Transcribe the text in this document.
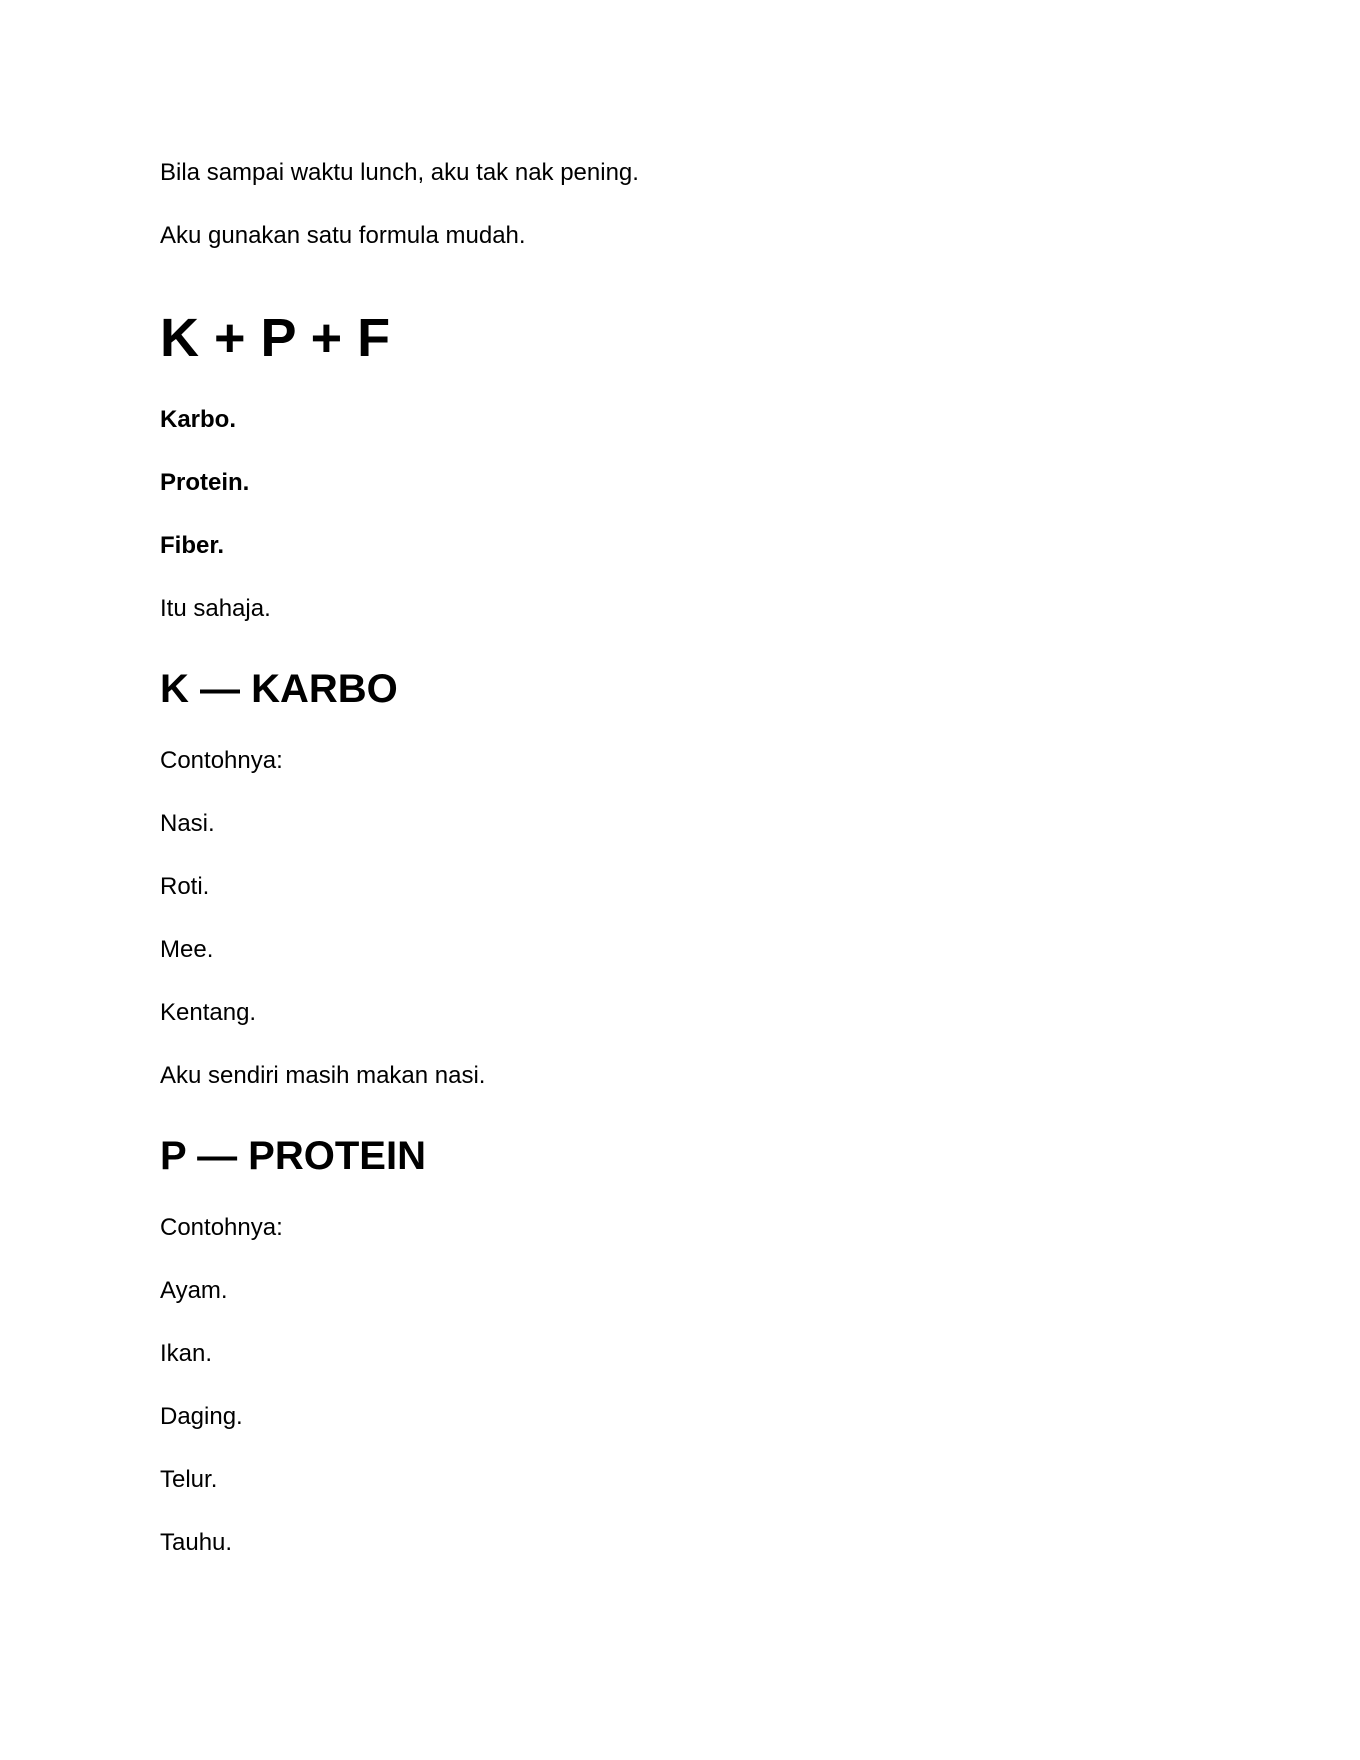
Bila sampai waktu lunch, aku tak nak pening.

Aku gunakan satu formula mudah.

K + P + F

Karbo.

Protein.

Fiber.

Itu sahaja.

K — KARBO

Contohnya:

Nasi.

Roti.

Mee.

Kentang.

Aku sendiri masih makan nasi.

P — PROTEIN

Contohnya:

Ayam.

Ikan.

Daging.

Telur.

Tauhu.
